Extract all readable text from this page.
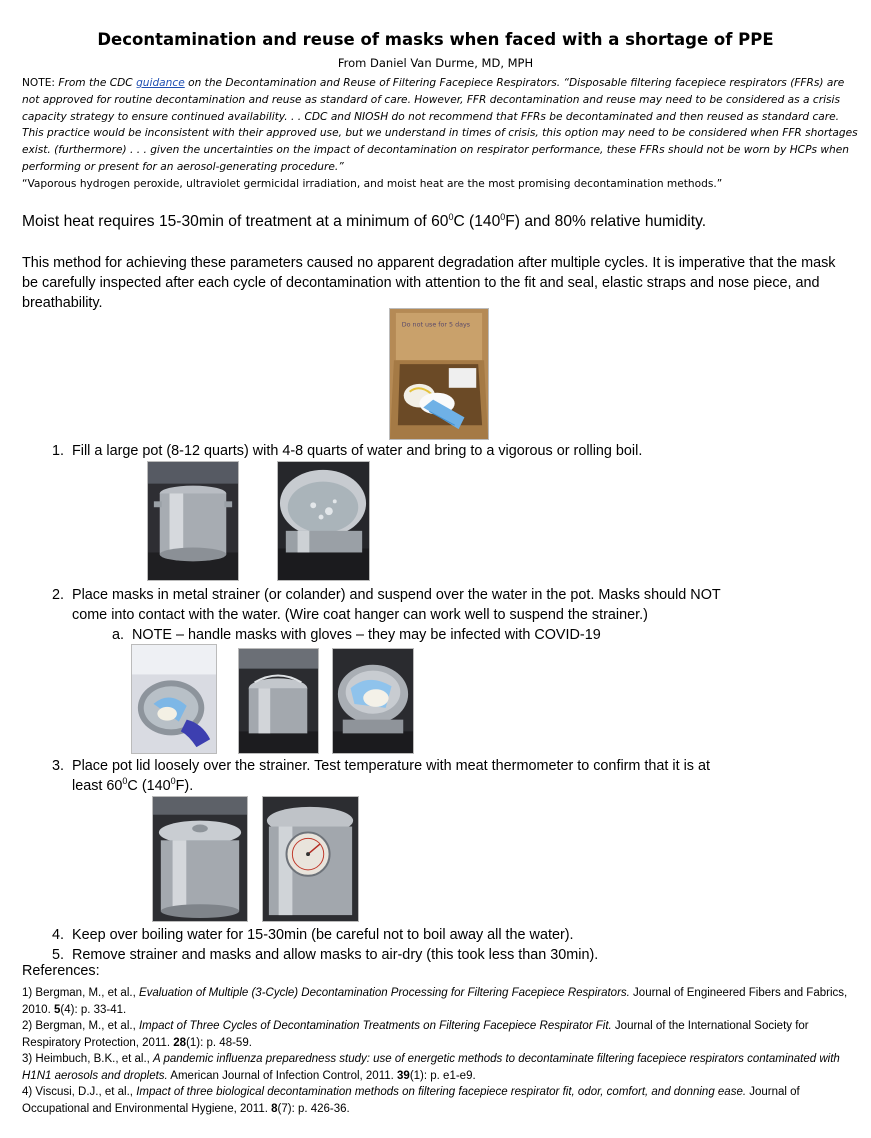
Decontamination and reuse of masks when faced with a shortage of PPE
From Daniel Van Durme, MD, MPH
NOTE: From the CDC guidance on the Decontamination and Reuse of Filtering Facepiece Respirators. “Disposable filtering facepiece respirators (FFRs) are not approved for routine decontamination and reuse as standard of care. However, FFR decontamination and reuse may need to be considered as a crisis capacity strategy to ensure continued availability. . . CDC and NIOSH do not recommend that FFRs be decontaminated and then reused as standard care. This practice would be inconsistent with their approved use, but we understand in times of crisis, this option may need to be considered when FFR shortages exist. (furthermore) . . . given the uncertainties on the impact of decontamination on respirator performance, these FFRs should not be worn by HCPs when performing or present for an aerosol-generating procedure.”
“Vaporous hydrogen peroxide, ultraviolet germicidal irradiation, and moist heat are the most promising decontamination methods.”
Moist heat requires 15-30min of treatment at a minimum of $60^0C$ $(140^0F)$ and 80% relative humidity.
This method for achieving these parameters caused no apparent degradation after multiple cycles. It is imperative that the mask be carefully inspected after each cycle of decontamination with attention to the fit and seal, elastic straps and nose piece, and breathability.
Do not use for 5 days
1. Fill a large pot (8-12 quarts) with 4-8 quarts of water and bring to a vigorous or rolling boil.
2. Place masks in metal strainer (or colander) and suspend over the water in the pot. Masks should NOT
come into contact with the water. (Wire coat hanger can work well to suspend the strainer.)
a. NOTE – handle masks with gloves – they may be infected with COVID-19
3. Place pot lid loosely over the strainer. Test temperature with meat thermometer to confirm that it is at
least $60^0C$ $(140^0F)$.
4. Keep over boiling water for 15-30min (be careful not to boil away all the water).
5. Remove strainer and masks and allow masks to air-dry (this took less than 30min).
References:
1) Bergman, M., et al., Evaluation of Multiple (3-Cycle) Decontamination Processing for Filtering Facepiece Respirators. Journal of Engineered Fibers and Fabrics, 2010. 5(4): p. 33-41.
2) Bergman, M., et al., Impact of Three Cycles of Decontamination Treatments on Filtering Facepiece Respirator Fit. Journal of the International Society for Respiratory Protection, 2011. 28(1): p. 48-59.
3) Heimbuch, B.K., et al., A pandemic influenza preparedness study: use of energetic methods to decontaminate filtering facepiece respirators contaminated with H1N1 aerosols and droplets. American Journal of Infection Control, 2011. 39(1): p. e1-e9.
4) Viscusi, D.J., et al., Impact of three biological decontamination methods on filtering facepiece respirator fit, odor, comfort, and donning ease. Journal of Occupational and Environmental Hygiene, 2011. 8(7): p. 426-36.
